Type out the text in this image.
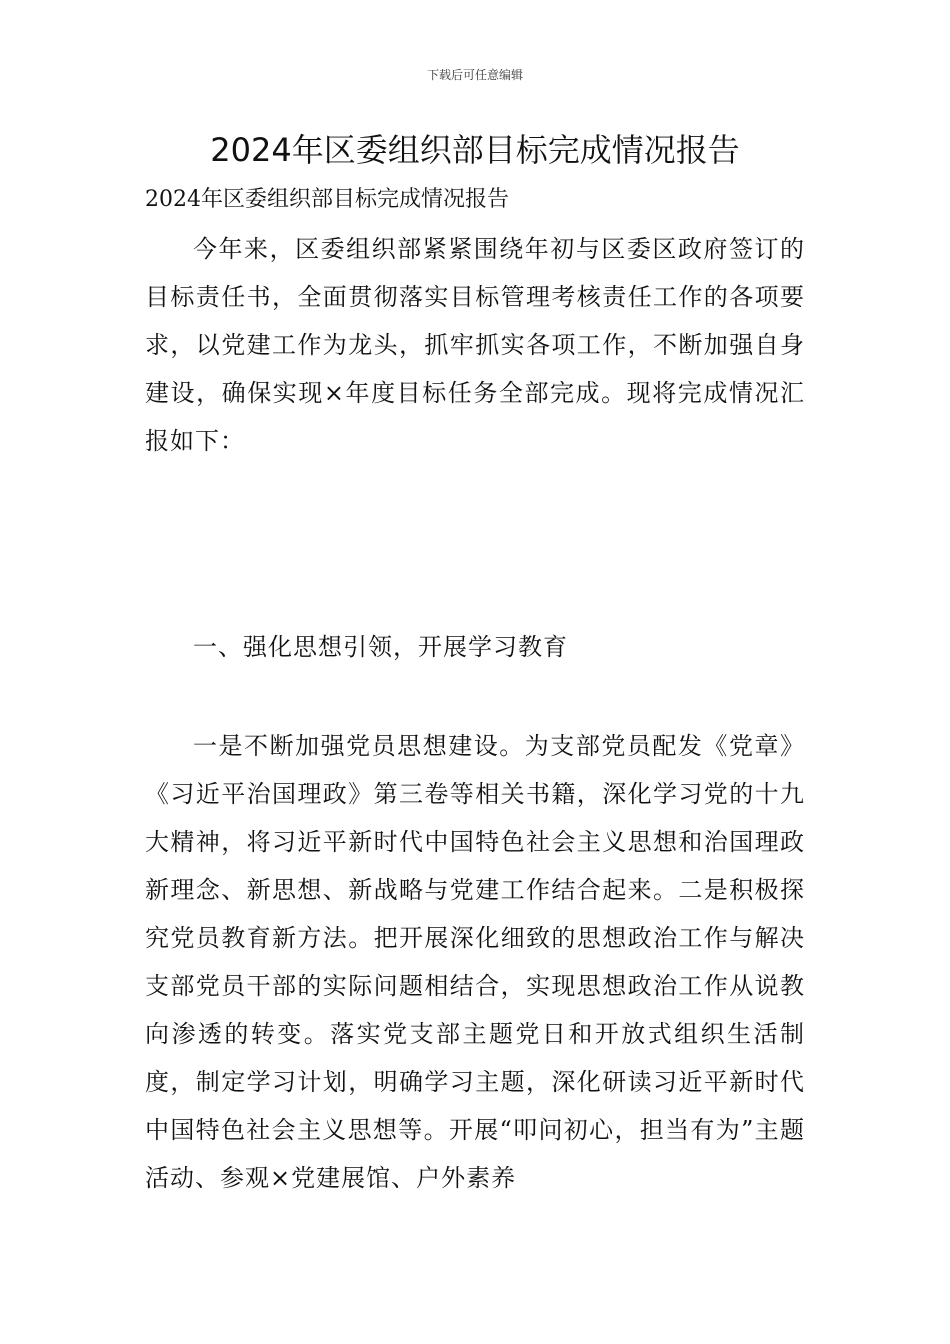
下载后可任意编辑
2024年区委组织部目标完成情况报告
2024年区委组织部目标完成情况报告

今年来，区委组织部紧紧围绕年初与区委区政府签订的目标责任书，全面贯彻落实目标管理考核责任工作的各项要求，以党建工作为龙头，抓牢抓实各项工作，不断加强自身建设，确保实现×年度目标任务全部完成。现将完成情况汇报如下：

一、强化思想引领，开展学习教育

一是不断加强党员思想建设。为支部党员配发《党章》《习近平治国理政》第三卷等相关书籍，深化学习党的十九大精神，将习近平新时代中国特色社会主义思想和治国理政新理念、新思想、新战略与党建工作结合起来。二是积极探究党员教育新方法。把开展深化细致的思想政治工作与解决支部党员干部的实际问题相结合，实现思想政治工作从说教向渗透的转变。落实党支部主题党日和开放式组织生活制度，制定学习计划，明确学习主题，深化研读习近平新时代中国特色社会主义思想等。开展“叩问初心，担当有为”主题活动、参观×党建展馆、户外素养
